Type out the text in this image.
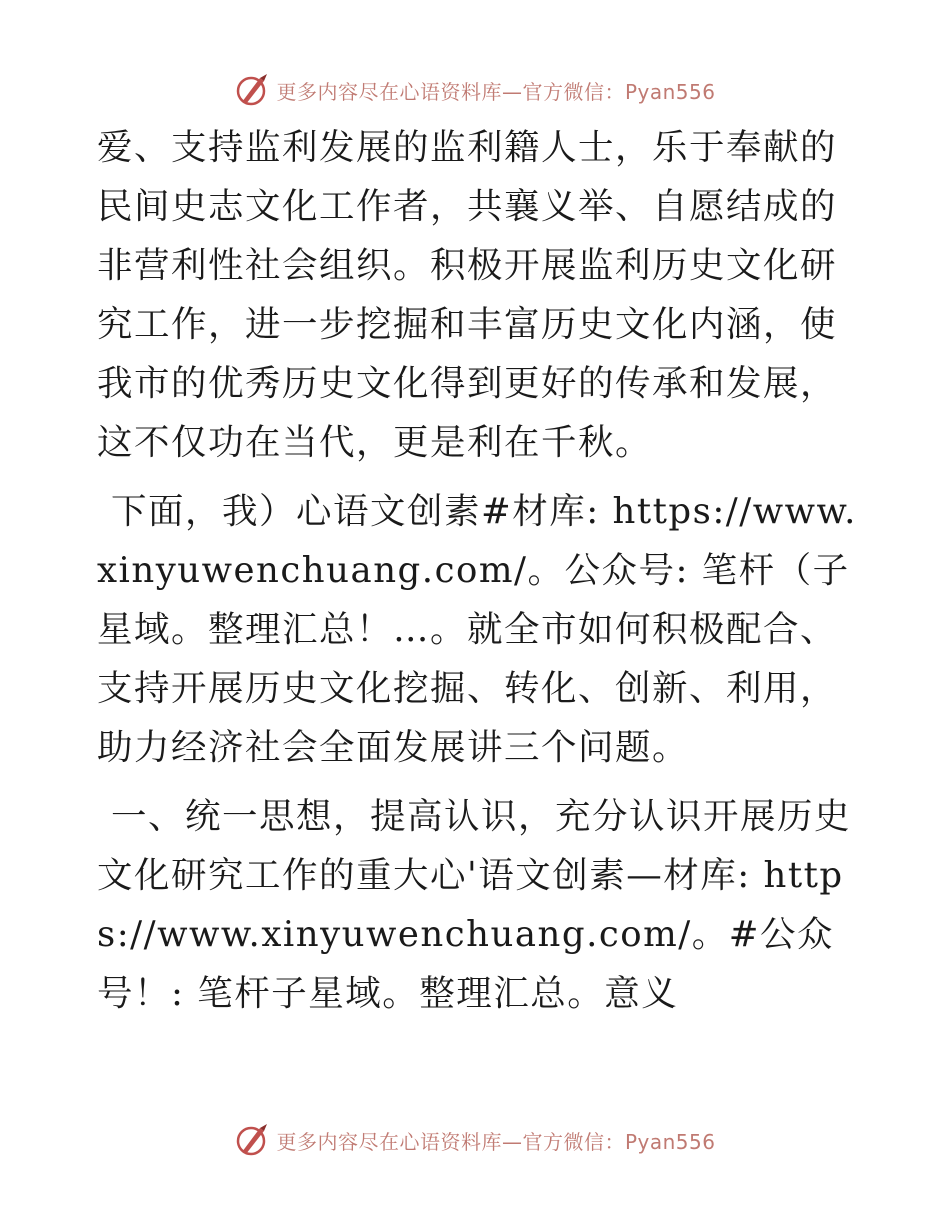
更多内容尽在心语资料库—官方微信：Pyan556

爱、支持监利发展的监利籍人士，乐于奉献的民间史志文化工作者，共襄义举、自愿结成的非营利性社会组织。积极开展监利历史文化研究工作，进一步挖掘和丰富历史文化内涵，使我市的优秀历史文化得到更好的传承和发展，这不仅功在当代，更是利在千秋。

下面，我）心语文创素#材库: https://www.xinyuwenchuang.com/。公众号: 笔杆（子星域。整理汇总！…。就全市如何积极配合、支持开展历史文化挖掘、转化、创新、利用，助力经济社会全面发展讲三个问题。

一、统一思想，提高认识，充分认识开展历史文化研究工作的重大心'语文创素—材库: https://www.xinyuwenchuang.com/。#公众号！: 笔杆子星域。整理汇总。意义

更多内容尽在心语资料库—官方微信：Pyan556
